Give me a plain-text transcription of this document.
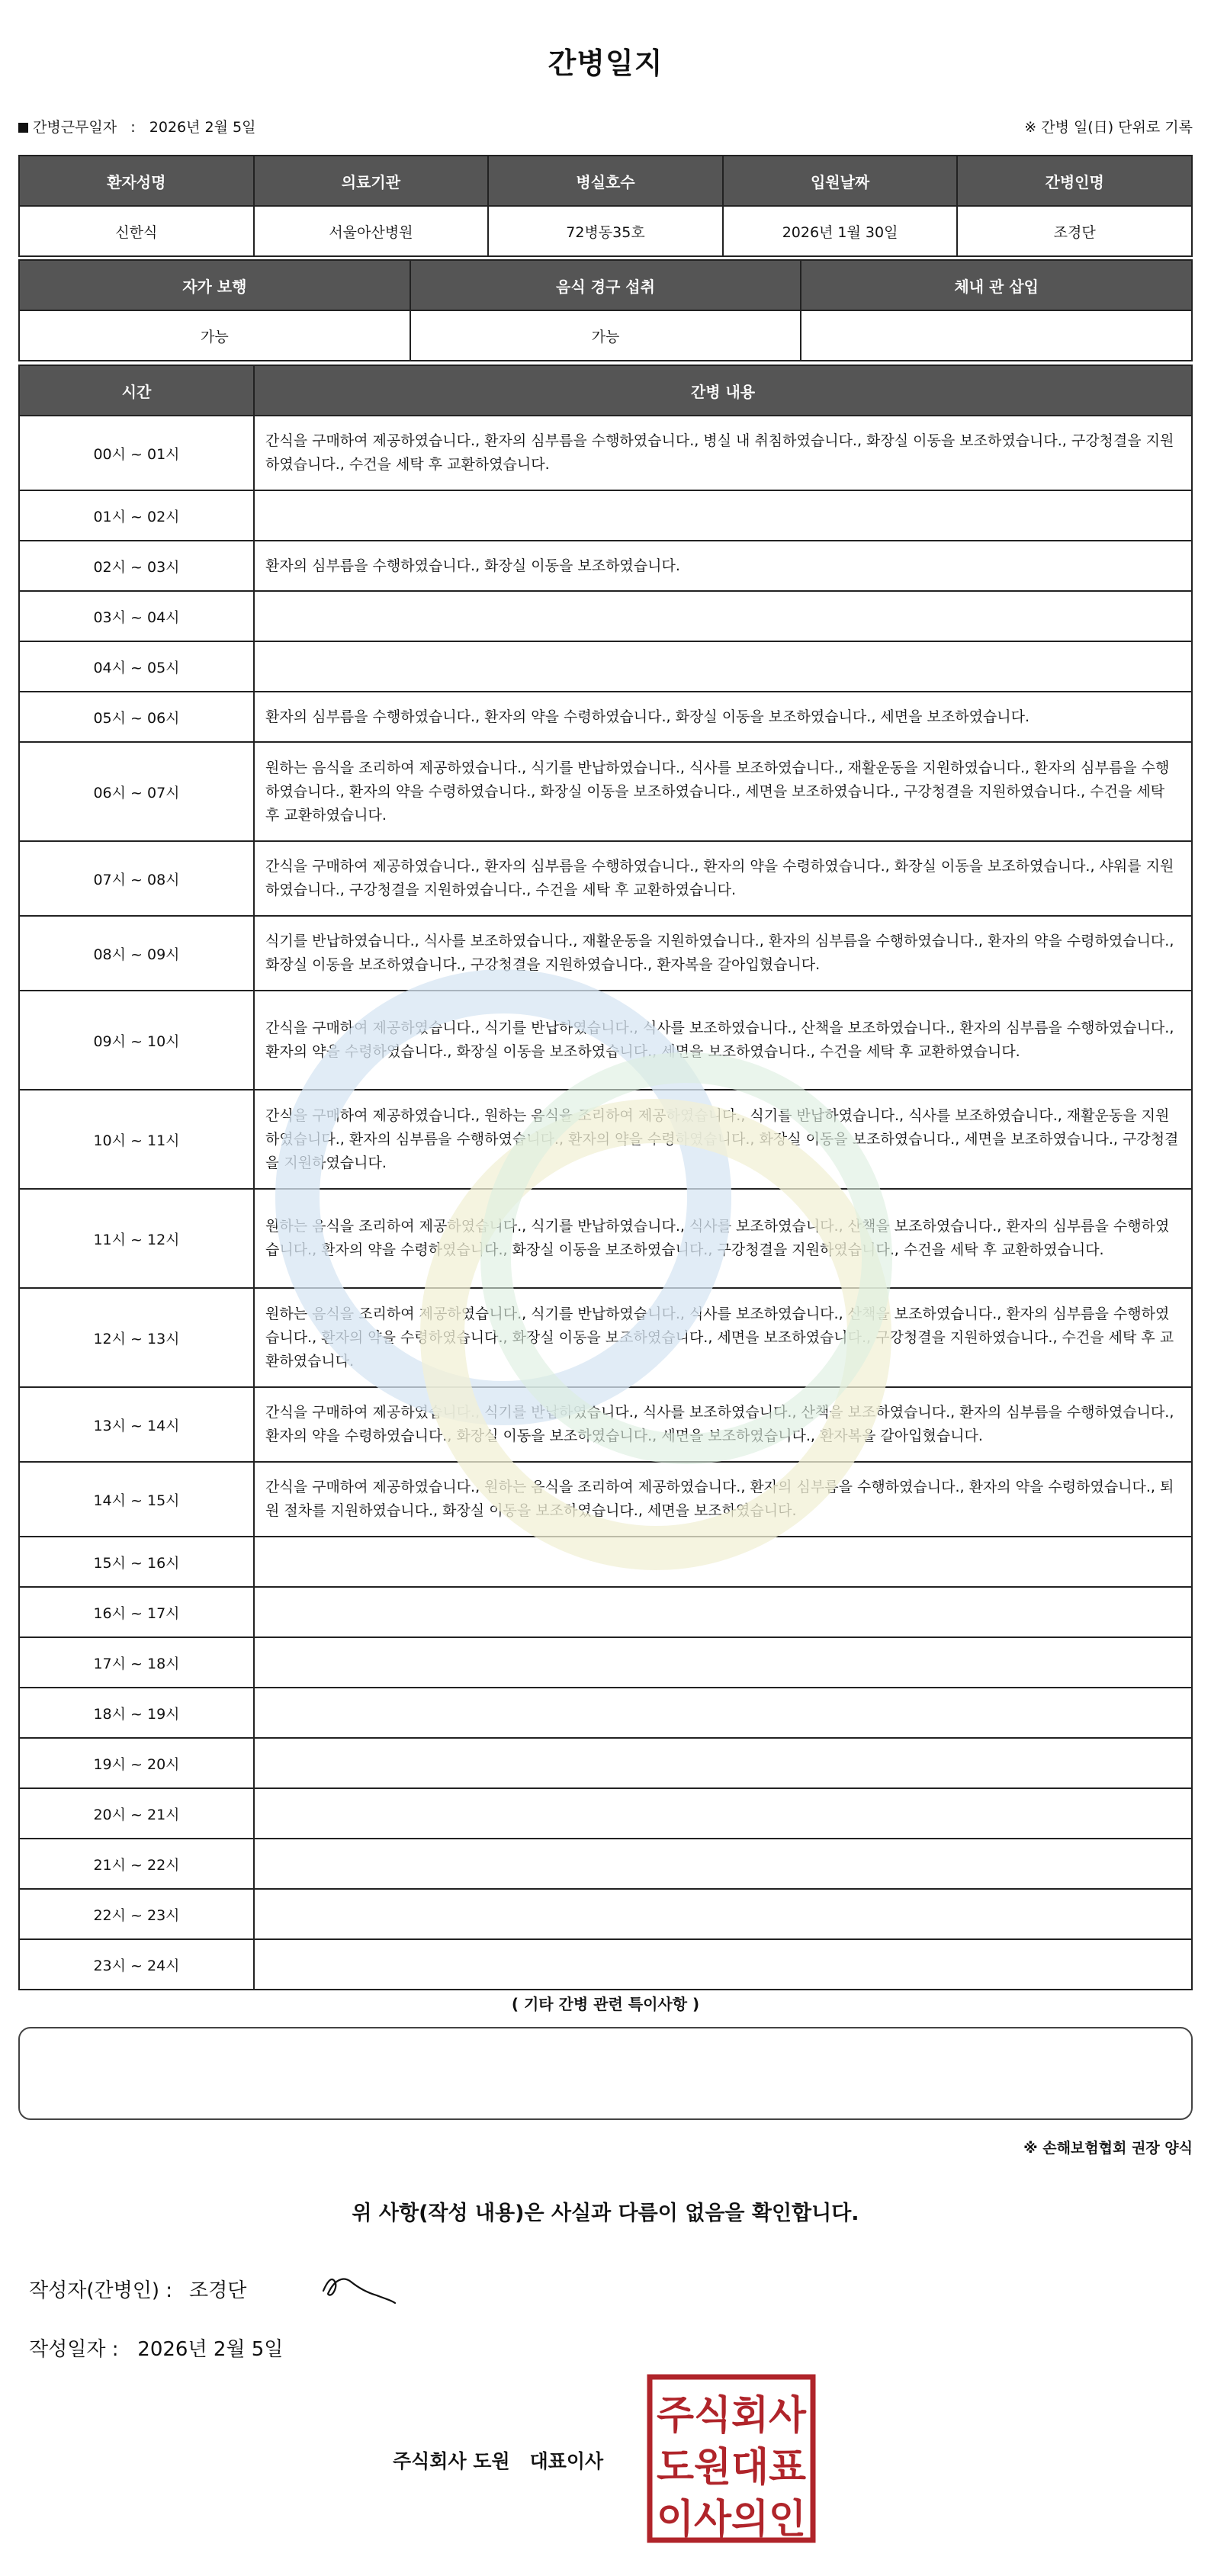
간병일지
간병근무일자 : 2026년 2월 5일	※ 간병 일(日) 단위로 기록
환자성명	의료기관	병실호수	입원날짜	간병인명
신한식	서울아산병원	72병동35호	2026년 1월 30일	조경단
자가 보행	음식 경구 섭취	체내 관 삽입
가능	가능	
시간	간병 내용
00시 ~ 01시	간식을 구매하여 제공하였습니다., 환자의 심부름을 수행하였습니다., 병실 내 취침하였습니다., 화장실 이동을 보조하였습니다., 구강청결을 지원하였습니다., 수건을 세탁 후 교환하였습니다.
01시 ~ 02시	
02시 ~ 03시	환자의 심부름을 수행하였습니다., 화장실 이동을 보조하였습니다.
03시 ~ 04시	
04시 ~ 05시	
05시 ~ 06시	환자의 심부름을 수행하였습니다., 환자의 약을 수령하였습니다., 화장실 이동을 보조하였습니다., 세면을 보조하였습니다.
06시 ~ 07시	원하는 음식을 조리하여 제공하였습니다., 식기를 반납하였습니다., 식사를 보조하였습니다., 재활운동을 지원하였습니다., 환자의 심부름을 수행하였습니다., 환자의 약을 수령하였습니다., 화장실 이동을 보조하였습니다., 세면을 보조하였습니다., 구강청결을 지원하였습니다., 수건을 세탁 후 교환하였습니다.
07시 ~ 08시	간식을 구매하여 제공하였습니다., 환자의 심부름을 수행하였습니다., 환자의 약을 수령하였습니다., 화장실 이동을 보조하였습니다., 샤워를 지원하였습니다., 구강청결을 지원하였습니다., 수건을 세탁 후 교환하였습니다.
08시 ~ 09시	식기를 반납하였습니다., 식사를 보조하였습니다., 재활운동을 지원하였습니다., 환자의 심부름을 수행하였습니다., 환자의 약을 수령하였습니다., 화장실 이동을 보조하였습니다., 구강청결을 지원하였습니다., 환자복을 갈아입혔습니다.
09시 ~ 10시	간식을 구매하여 제공하였습니다., 식기를 반납하였습니다., 식사를 보조하였습니다., 산책을 보조하였습니다., 환자의 심부름을 수행하였습니다., 환자의 약을 수령하였습니다., 화장실 이동을 보조하였습니다., 세면을 보조하였습니다., 수건을 세탁 후 교환하였습니다.
10시 ~ 11시	간식을 구매하여 제공하였습니다., 원하는 음식을 조리하여 제공하였습니다., 식기를 반납하였습니다., 식사를 보조하였습니다., 재활운동을 지원하였습니다., 환자의 심부름을 수행하였습니다., 환자의 약을 수령하였습니다., 화장실 이동을 보조하였습니다., 세면을 보조하였습니다., 구강청결을 지원하였습니다.
11시 ~ 12시	원하는 음식을 조리하여 제공하였습니다., 식기를 반납하였습니다., 식사를 보조하였습니다., 산책을 보조하였습니다., 환자의 심부름을 수행하였습니다., 환자의 약을 수령하였습니다., 화장실 이동을 보조하였습니다., 구강청결을 지원하였습니다., 수건을 세탁 후 교환하였습니다.
12시 ~ 13시	원하는 음식을 조리하여 제공하였습니다., 식기를 반납하였습니다., 식사를 보조하였습니다., 산책을 보조하였습니다., 환자의 심부름을 수행하였습니다., 환자의 약을 수령하였습니다., 화장실 이동을 보조하였습니다., 세면을 보조하였습니다., 구강청결을 지원하였습니다., 수건을 세탁 후 교환하였습니다.
13시 ~ 14시	간식을 구매하여 제공하였습니다., 식기를 반납하였습니다., 식사를 보조하였습니다., 산책을 보조하였습니다., 환자의 심부름을 수행하였습니다., 환자의 약을 수령하였습니다., 화장실 이동을 보조하였습니다., 세면을 보조하였습니다., 환자복을 갈아입혔습니다.
14시 ~ 15시	간식을 구매하여 제공하였습니다., 원하는 음식을 조리하여 제공하였습니다., 환자의 심부름을 수행하였습니다., 환자의 약을 수령하였습니다., 퇴원 절차를 지원하였습니다., 화장실 이동을 보조하였습니다., 세면을 보조하였습니다.
15시 ~ 16시	
16시 ~ 17시	
17시 ~ 18시	
18시 ~ 19시	
19시 ~ 20시	
20시 ~ 21시	
21시 ~ 22시	
22시 ~ 23시	
23시 ~ 24시	
( 기타 간병 관련 특이사항 )
※ 손해보험협회 권장 양식
위 사항(작성 내용)은 사실과 다름이 없음을 확인합니다.
작성자(간병인) : 조경단
작성일자 : 2026년 2월 5일
주식회사 도원 대표이사
주식회사
도원대표
이사의인
